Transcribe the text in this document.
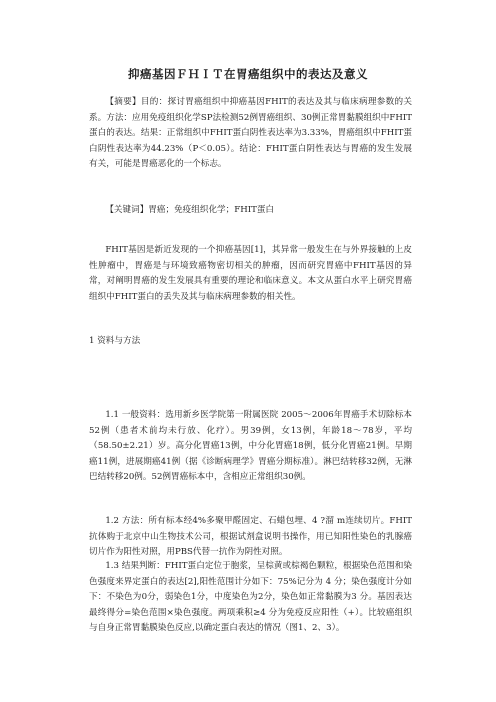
抑癌基因ＦＨＩＴ在胃癌组织中的表达及意义

【摘要】目的：探讨胃癌组织中抑癌基因FHIT的表达及其与临床病理参数的关系。方法：应用免疫组织化学SP法检测52例胃癌组织、30例正常胃黏膜组织中FHIT蛋白的表达。结果：正常组织中FHIT蛋白阴性表达率为3.33%，胃癌组织中FHIT蛋白阴性表达率为44.23%（P＜0.05）。结论：FHIT蛋白阴性表达与胃癌的发生发展有关，可能是胃癌恶化的一个标志。

【关键词】胃癌；免疫组织化学；FHIT蛋白

FHIT基因是新近发现的一个抑癌基因[1]，其异常一般发生在与外界接触的上皮性肿瘤中，胃癌是与环境致癌物密切相关的肿瘤，因而研究胃癌中FHIT基因的异常，对阐明胃癌的发生发展具有重要的理论和临床意义。本文从蛋白水平上研究胃癌组织中FHIT蛋白的丢失及其与临床病理参数的相关性。

1 资料与方法

1.1 一般资料：选用新乡医学院第一附属医院 2005～2006年胃癌手术切除标本52例（患者术前均未行放、化疗）。男39例，女13例，年龄18～78岁，平均（58.50±2.21）岁。高分化胃癌13例，中分化胃癌18例，低分化胃癌21例。早期癌11例，进展期癌41例（据《诊断病理学》胃癌分期标准）。淋巴结转移32例，无淋巴结转移20例。52例胃癌标本中，含相应正常组织30例。

1.2 方法：所有标本经4%多聚甲醛固定、石蜡包埋、4 ?溜 m连续切片。FHIT抗体购于北京中山生物技术公司，根据试剂盒说明书操作，用已知阳性染色的乳腺癌切片作为阳性对照，用PBS代替一抗作为阴性对照。

1.3 结果判断：FHIT蛋白定位于胞浆，呈棕黄或棕褐色颗粒，根据染色范围和染色强度来界定蛋白的表达[2],阳性范围计分如下：75%记分为 4 分；染色强度计分如下：不染色为0分，弱染色1分，中度染色为2分，染色如正常黏膜为3 分。基因表达最终得分=染色范围×染色强度。两项乘积≥4 分为免疫反应阳性（+）。比较癌组织与自身正常胃黏膜染色反应,以确定蛋白表达的情况（图1、2、3）。
